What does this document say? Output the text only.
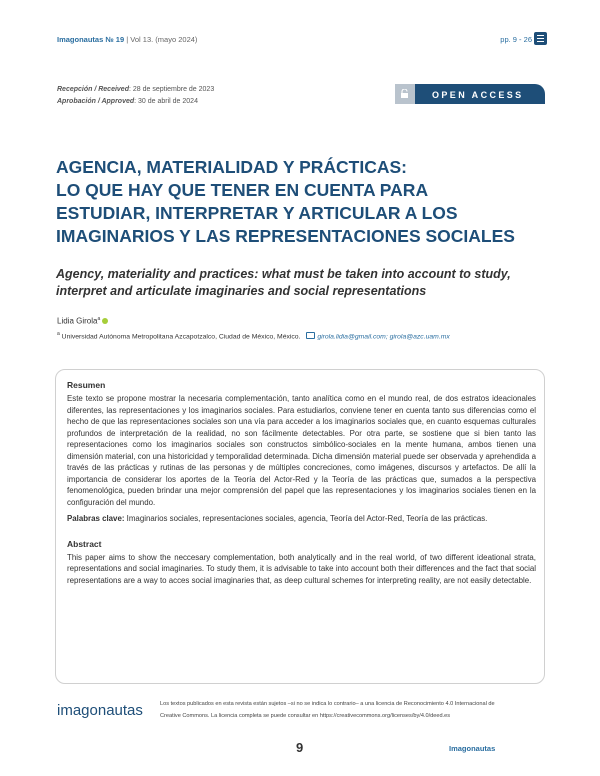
Imagonautas № 19 | Vol 13. (mayo 2024)	pp. 9 - 26
Recepción / Received: 28 de septiembre de 2023
Aprobación / Approved: 30 de abril de 2024
OPEN ACCESS
AGENCIA, MATERIALIDAD Y PRÁCTICAS:
LO QUE HAY QUE TENER EN CUENTA PARA
ESTUDIAR, INTERPRETAR Y ARTICULAR A LOS
IMAGINARIOS Y LAS REPRESENTACIONES SOCIALES
Agency, materiality and practices: what must be taken into account to study,
interpret and articulate imaginaries and social representations
Lidia Girola$^a$
$^a$ Universidad Autónoma Metropolitana Azcapotzalco, Ciudad de México, México. girola.lidia@gmail.com; girola@azc.uam.mx
Resumen

Este texto se propone mostrar la necesaria complementación, tanto analítica como en el mundo real, de dos estratos ideacionales diferentes, las representaciones y los imaginarios sociales. Para estudiarlos, conviene tener en cuenta tanto sus diferencias como el hecho de que las representaciones sociales son una vía para acceder a los imaginarios sociales que, en cuanto esquemas culturales profundos de interpretación de la realidad, no son fácilmente detectables. Por otra parte, se sostiene que si bien tanto las representaciones como los imaginarios sociales son constructos simbólico-sociales en la mente humana, ambos tienen una dimensión material, con una historicidad y temporalidad determinada. Dicha dimensión material puede ser observada y aprehendida a través de las prácticas y rutinas de las personas y de múltiples concreciones, como imágenes, discursos y artefactos. De allí la importancia de considerar los aportes de la Teoría del Actor-Red y la Teoría de las prácticas que, sumados a la perspectiva fenomenológica, pueden brindar una mejor comprensión del papel que las representaciones y los imaginarios sociales tienen en la configuración del mundo.

Palabras clave: Imaginarios sociales, representaciones sociales, agencia, Teoría del Actor-Red, Teoría de las prácticas.

Abstract

This paper aims to show the neccesary complementation, both analytically and in the real world, of two different ideational strata, representations and social imaginaries. To study them, it is advisable to take into account both their differences and the fact that social representations are a way to acces social imaginaries that, as deep cultural schemes for interpreting reality, are not easily detectable.

imagonautas	Los textos publicados en esta revista están sujetos –si no se indica lo contrario– a una licencia de Reconocimiento 4.0 Internacional de
Creative Commons. La licencia completa se puede consultar en https://creativecommons.org/licenses/by/4.0/deed.es
9	Imagonautas
